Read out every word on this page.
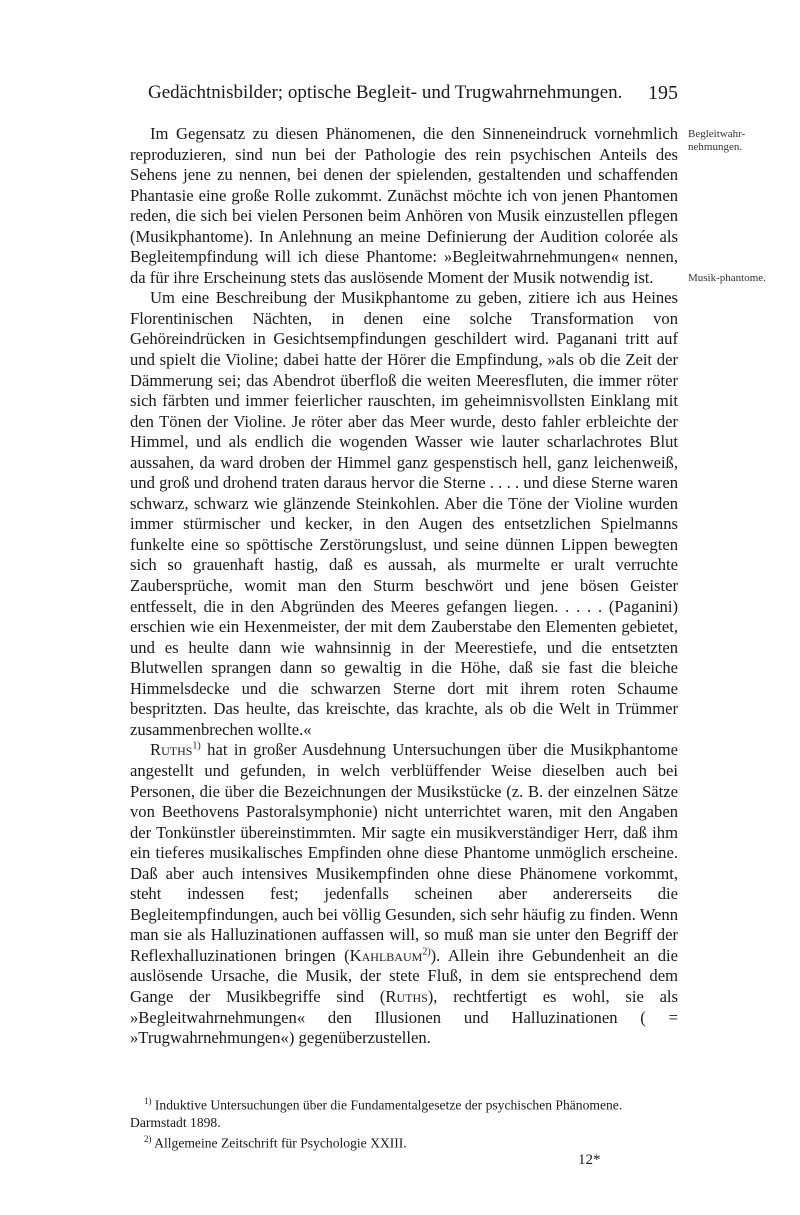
Gedächtnisbilder; optische Begleit- und Trugwahrnehmungen. 195
Begleitwahr-nehmungen.
Musik-phantome.

Im Gegensatz zu diesen Phänomenen, die den Sinneneindruck vornehmlich reproduzieren, sind nun bei der Pathologie des rein psychischen Anteils des Sehens jene zu nennen, bei denen der spielenden, gestaltenden und schaffenden Phantasie eine große Rolle zukommt. Zunächst möchte ich von jenen Phantomen reden, die sich bei vielen Personen beim Anhören von Musik einzustellen pflegen (Musikphantome). In Anlehnung an meine Definierung der Audition colorée als Begleitempfindung will ich diese Phantome: »Begleitwahrnehmungen« nennen, da für ihre Erscheinung stets das auslösende Moment der Musik notwendig ist.

Um eine Beschreibung der Musikphantome zu geben, zitiere ich aus Heines Florentinischen Nächten, in denen eine solche Transformation von Gehöreindrücken in Gesichtsempfindungen geschildert wird. Paganani tritt auf und spielt die Violine; dabei hatte der Hörer die Empfindung, »als ob die Zeit der Dämmerung sei; das Abendrot überfloß die weiten Meeresfluten, die immer röter sich färbten und immer feierlicher rauschten, im geheimnisvollsten Einklang mit den Tönen der Violine. Je röter aber das Meer wurde, desto fahler erbleichte der Himmel, und als endlich die wogenden Wasser wie lauter scharlachrotes Blut aussahen, da ward droben der Himmel ganz gespenstisch hell, ganz leichenweiß, und groß und drohend traten daraus hervor die Sterne . . . . und diese Sterne waren schwarz, schwarz wie glänzende Steinkohlen. Aber die Töne der Violine wurden immer stürmischer und kecker, in den Augen des entsetzlichen Spielmanns funkelte eine so spöttische Zerstörungslust, und seine dünnen Lippen bewegten sich so grauenhaft hastig, daß es aussah, als murmelte er uralt verruchte Zaubersprüche, womit man den Sturm beschwört und jene bösen Geister entfesselt, die in den Abgründen des Meeres gefangen liegen. . . . . (Paganini) erschien wie ein Hexenmeister, der mit dem Zauberstabe den Elementen gebietet, und es heulte dann wie wahnsinnig in der Meerestiefe, und die entsetzten Blutwellen sprangen dann so gewaltig in die Höhe, daß sie fast die bleiche Himmelsdecke und die schwarzen Sterne dort mit ihrem roten Schaume bespritzten. Das heulte, das kreischte, das krachte, als ob die Welt in Trümmer zusammenbrechen wollte.«

Ruths$^{1)}$ hat in großer Ausdehnung Untersuchungen über die Musikphantome angestellt und gefunden, in welch verblüffender Weise dieselben auch bei Personen, die über die Bezeichnungen der Musikstücke (z. B. der einzelnen Sätze von Beethovens Pastoralsymphonie) nicht unterrichtet waren, mit den Angaben der Tonkünstler übereinstimmten. Mir sagte ein musikverständiger Herr, daß ihm ein tieferes musikalisches Empfinden ohne diese Phantome unmöglich erscheine. Daß aber auch intensives Musikempfinden ohne diese Phänomene vorkommt, steht indessen fest; jedenfalls scheinen aber andererseits die Begleitempfindungen, auch bei völlig Gesunden, sich sehr häufig zu finden. Wenn man sie als Halluzinationen auffassen will, so muß man sie unter den Begriff der Reflexhalluzinationen bringen (Kahlbaum$^{2)}$). Allein ihre Gebundenheit an die auslösende Ursache, die Musik, der stete Fluß, in dem sie entsprechend dem Gange der Musikbegriffe sind (Ruths), rechtfertigt es wohl, sie als »Begleitwahrnehmungen« den Illusionen und Halluzinationen ( = »Trugwahrnehmungen«) gegenüberzustellen.

$^{1)}$ Induktive Untersuchungen über die Fundamentalgesetze der psychischen Phänomene. Darmstadt 1898.

$^{2)}$ Allgemeine Zeitschrift für Psychologie XXIII.

12*
